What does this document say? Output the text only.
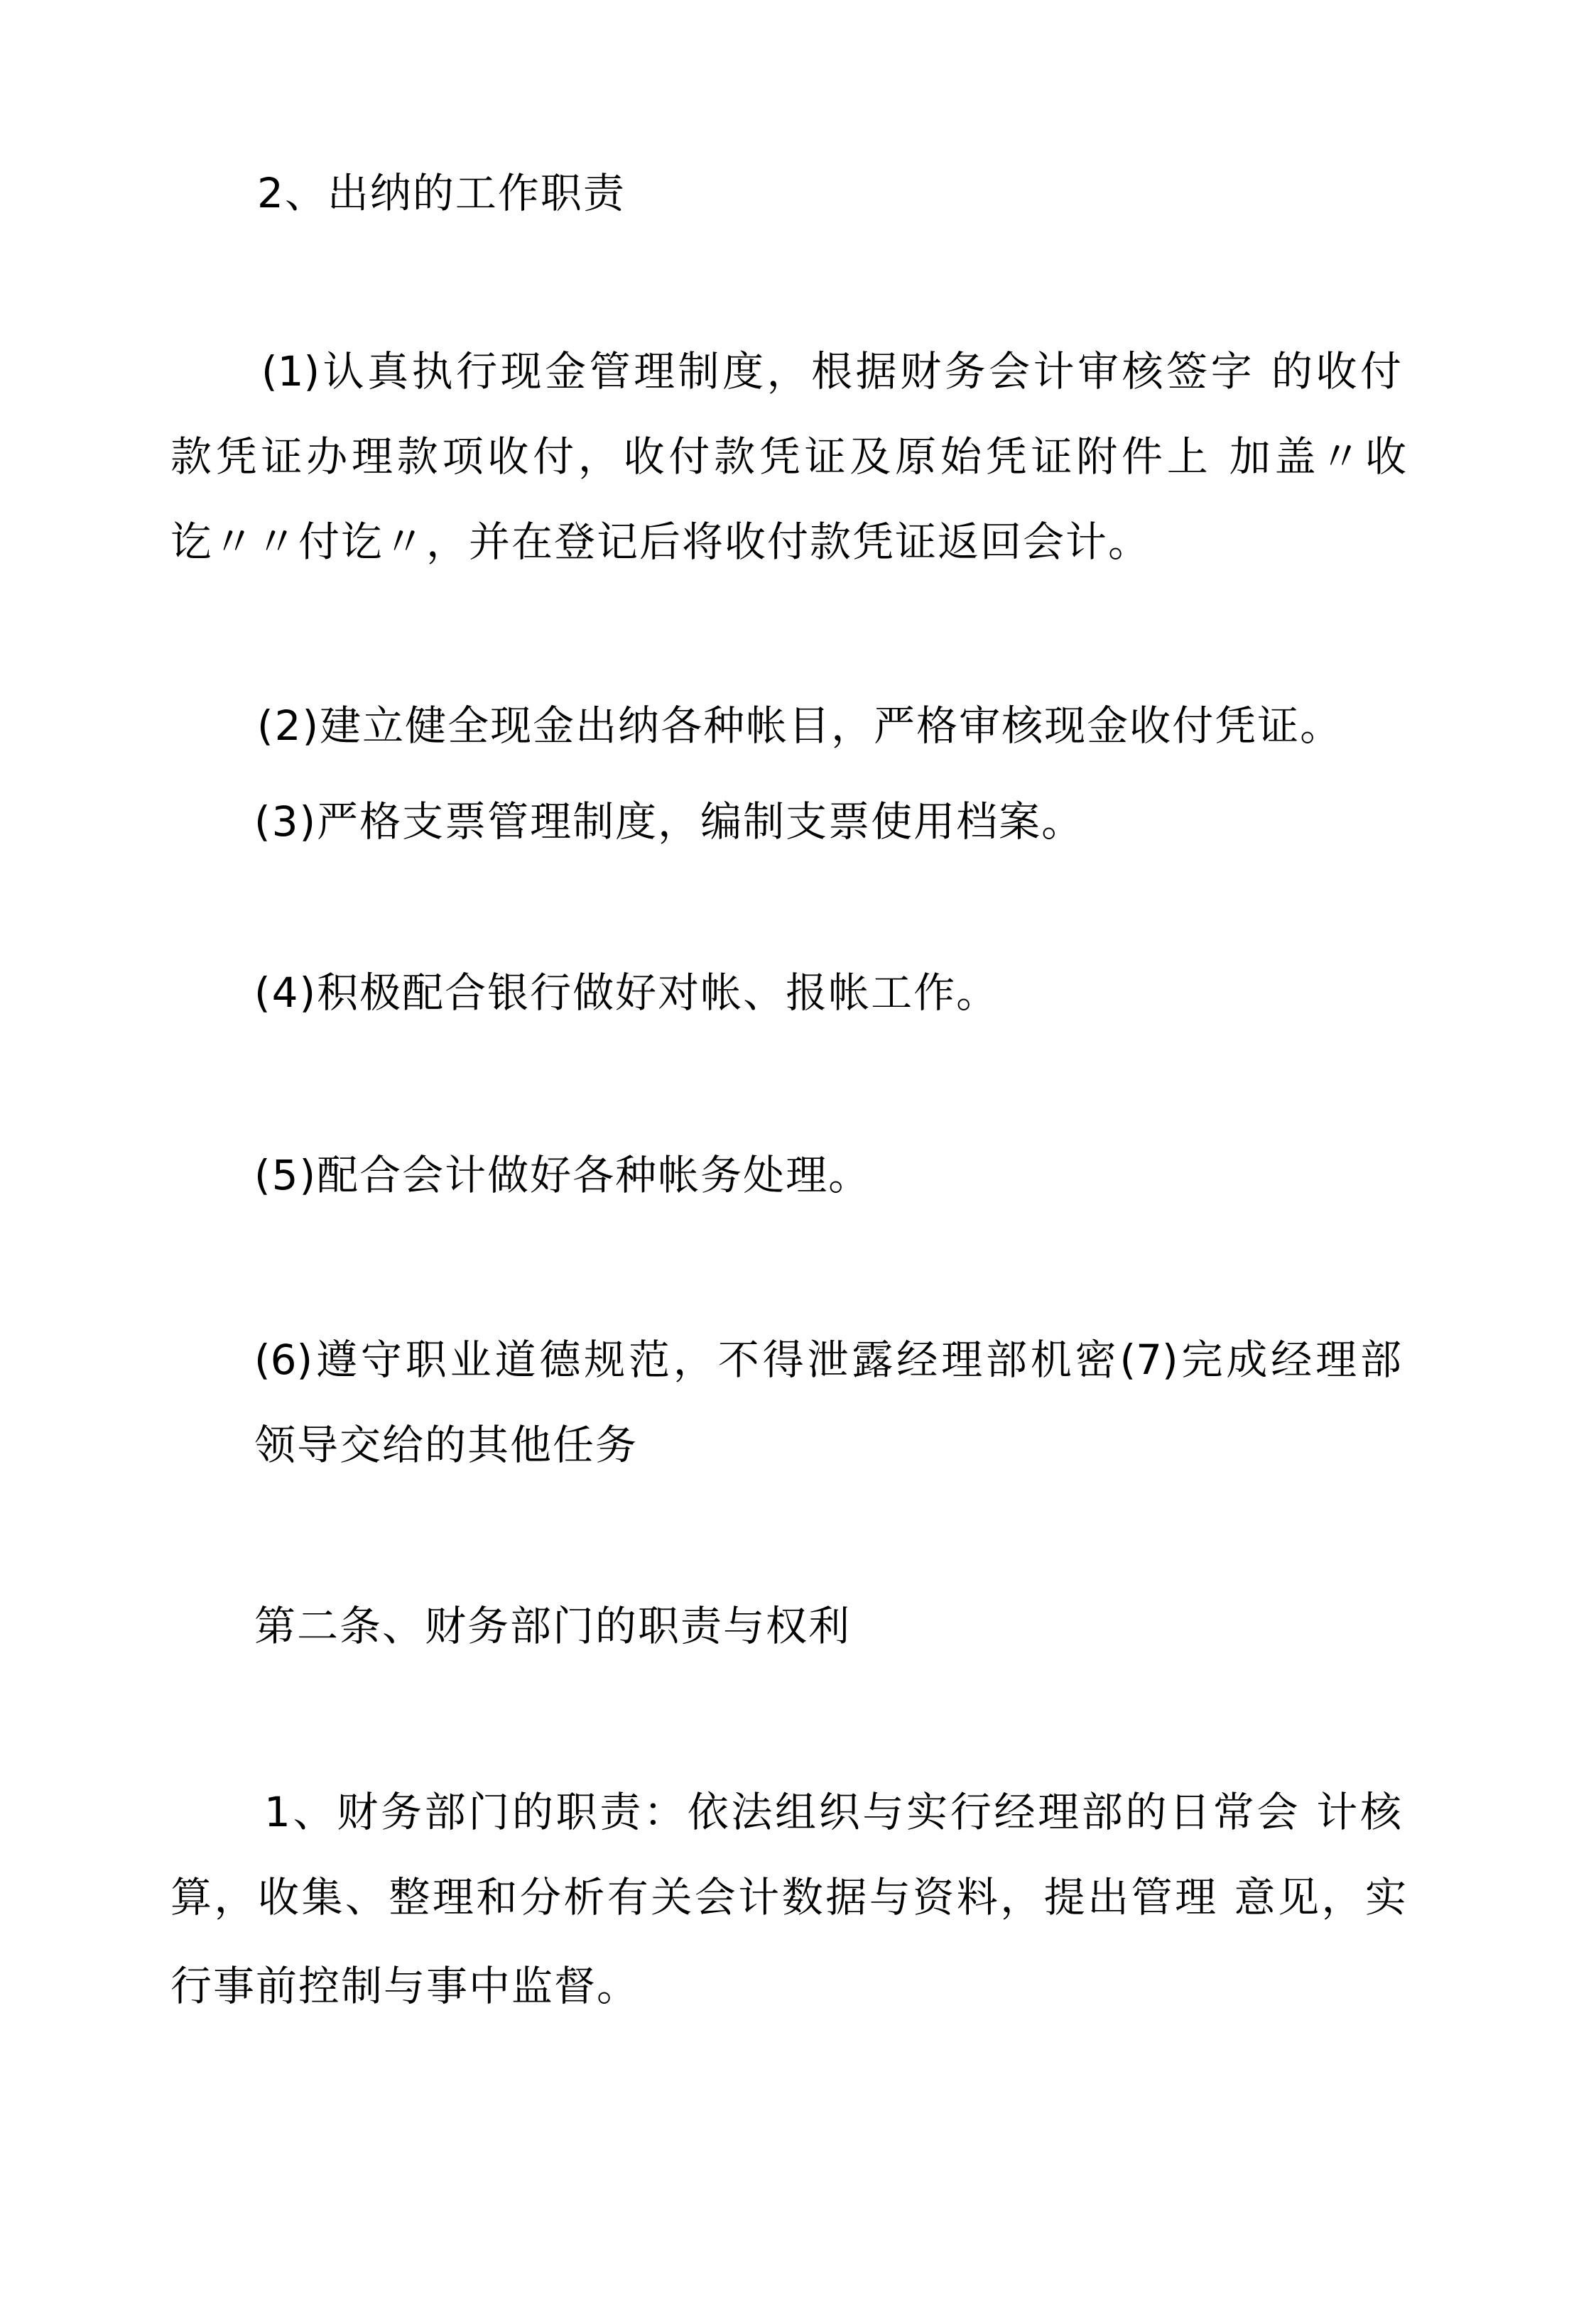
2、出纳的工作职责
(1)认真执行现金管理制度，根据财务会计审核签字 的收付
款凭证办理款项收付，收付款凭证及原始凭证附件上 加盖〃收
讫〃〃付讫〃，并在登记后将收付款凭证返回会计。
(2)建立健全现金出纳各种帐目，严格审核现金收付凭证。
(3)严格支票管理制度，编制支票使用档案。
(4)积极配合银行做好对帐、报帐工作。
(5)配合会计做好各种帐务处理。
(6)遵守职业道德规范，不得泄露经理部机密(7)完成经理部
领导交给的其他任务
第二条、财务部门的职责与权利
1、财务部门的职责：依法组织与实行经理部的日常会 计核
算，收集、整理和分析有关会计数据与资料，提出管理 意见，实
行事前控制与事中监督。
